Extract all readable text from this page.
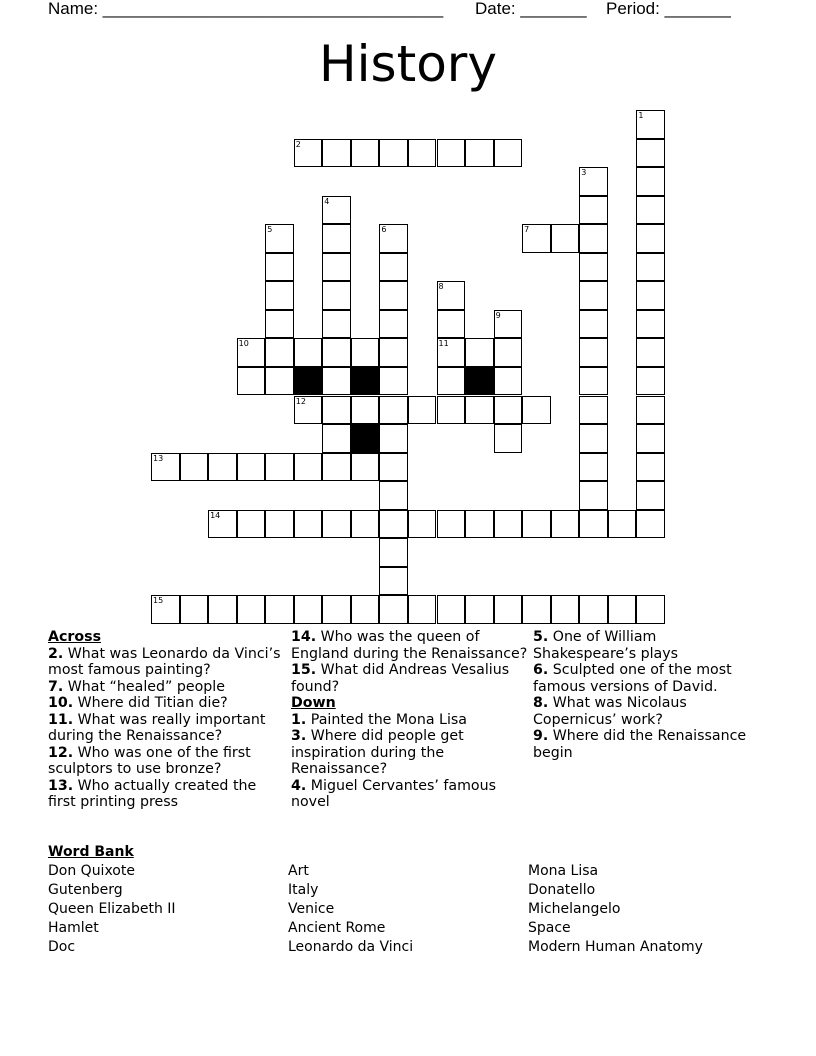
Name: ____________________________________ Date: _______ Period: _______
History
1
2
3
4
5	6	7
8
11
9
10
12
13
14
15
Across
2. What was Leonardo da Vinci’s most famous painting?
7. What “healed” people
10. Where did Titian die?
11. What was really important during the Renaissance?
12. Who was one of the first sculptors to use bronze?
13. Who actually created the first printing press
14. Who was the queen of England during the Renaissance?
15. What did Andreas Vesalius found?
Down
1. Painted the Mona Lisa
3. Where did people get inspiration during the Renaissance?
4. Miguel Cervantes’ famous novel
5. One of William Shakespeare’s plays
6. Sculpted one of the most famous versions of David.
8. What was Nicolaus Copernicus’ work?
9. Where did the Renaissance begin
Word Bank
Don Quixote
Gutenberg
Queen Elizabeth II
Hamlet
Doc
Art
Italy
Venice
Ancient Rome
Leonardo da Vinci
Mona Lisa
Donatello
Michelangelo
Space
Modern Human Anatomy
